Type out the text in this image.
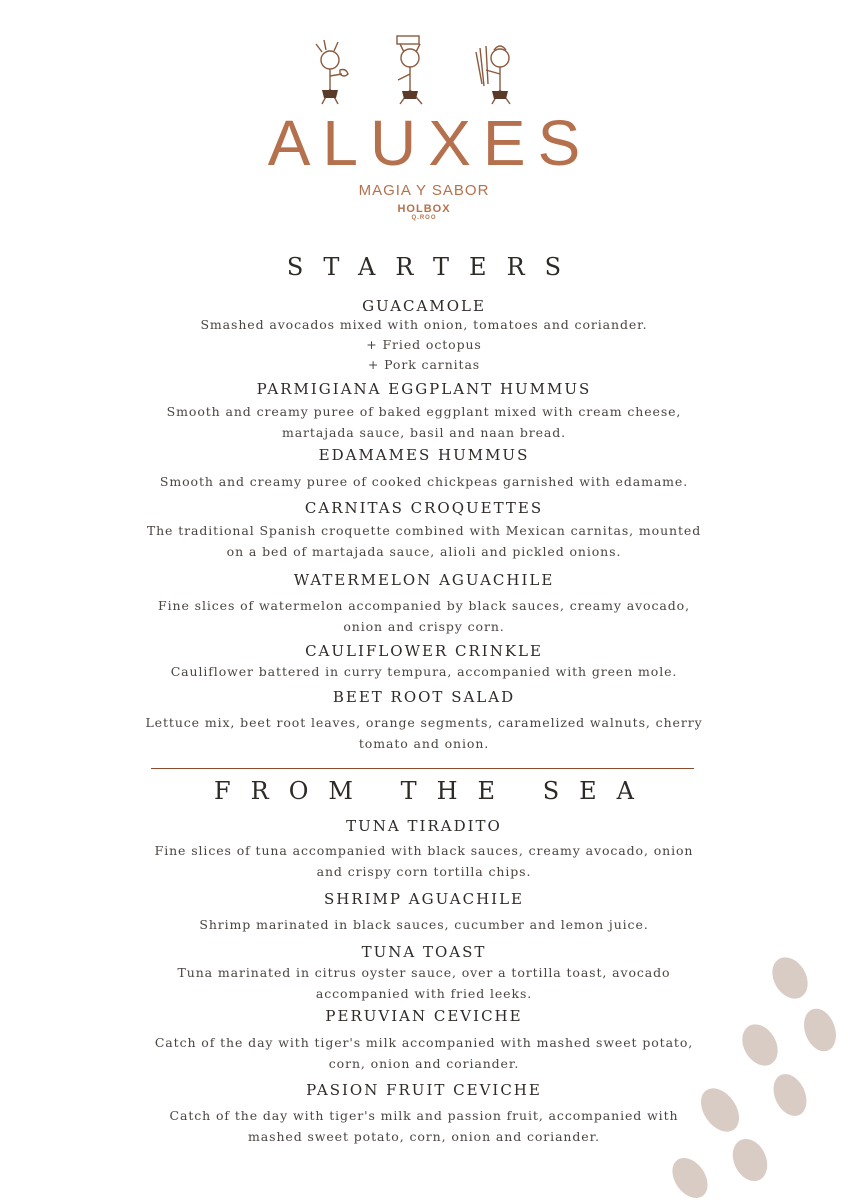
ALUXES
MAGIA Y SABOR
HOLBOX
Q.ROO
STARTERS
GUACAMOLE
Smashed avocados mixed with onion, tomatoes and coriander.
+ Fried octopus
+ Pork carnitas
PARMIGIANA EGGPLANT HUMMUS
Smooth and creamy puree of baked eggplant mixed with cream cheese, martajada sauce, basil and naan bread.
EDAMAMES HUMMUS
Smooth and creamy puree of cooked chickpeas garnished with edamame.
CARNITAS CROQUETTES
The traditional Spanish croquette combined with Mexican carnitas, mounted on a bed of martajada sauce, alioli and pickled onions.
WATERMELON AGUACHILE
Fine slices of watermelon accompanied by black sauces, creamy avocado, onion and crispy corn.
CAULIFLOWER CRINKLE
Cauliflower battered in curry tempura, accompanied with green mole.
BEET ROOT SALAD
Lettuce mix, beet root leaves, orange segments, caramelized walnuts, cherry tomato and onion.
FROM THE SEA
TUNA TIRADITO
Fine slices of tuna accompanied with black sauces, creamy avocado, onion and crispy corn tortilla chips.
SHRIMP AGUACHILE
Shrimp marinated in black sauces, cucumber and lemon juice.
TUNA TOAST
Tuna marinated in citrus oyster sauce, over a tortilla toast, avocado accompanied with fried leeks.
PERUVIAN CEVICHE
Catch of the day with tiger's milk accompanied with mashed sweet potato, corn, onion and coriander.
PASION FRUIT CEVICHE
Catch of the day with tiger's milk and passion fruit, accompanied with mashed sweet potato, corn, onion and coriander.
